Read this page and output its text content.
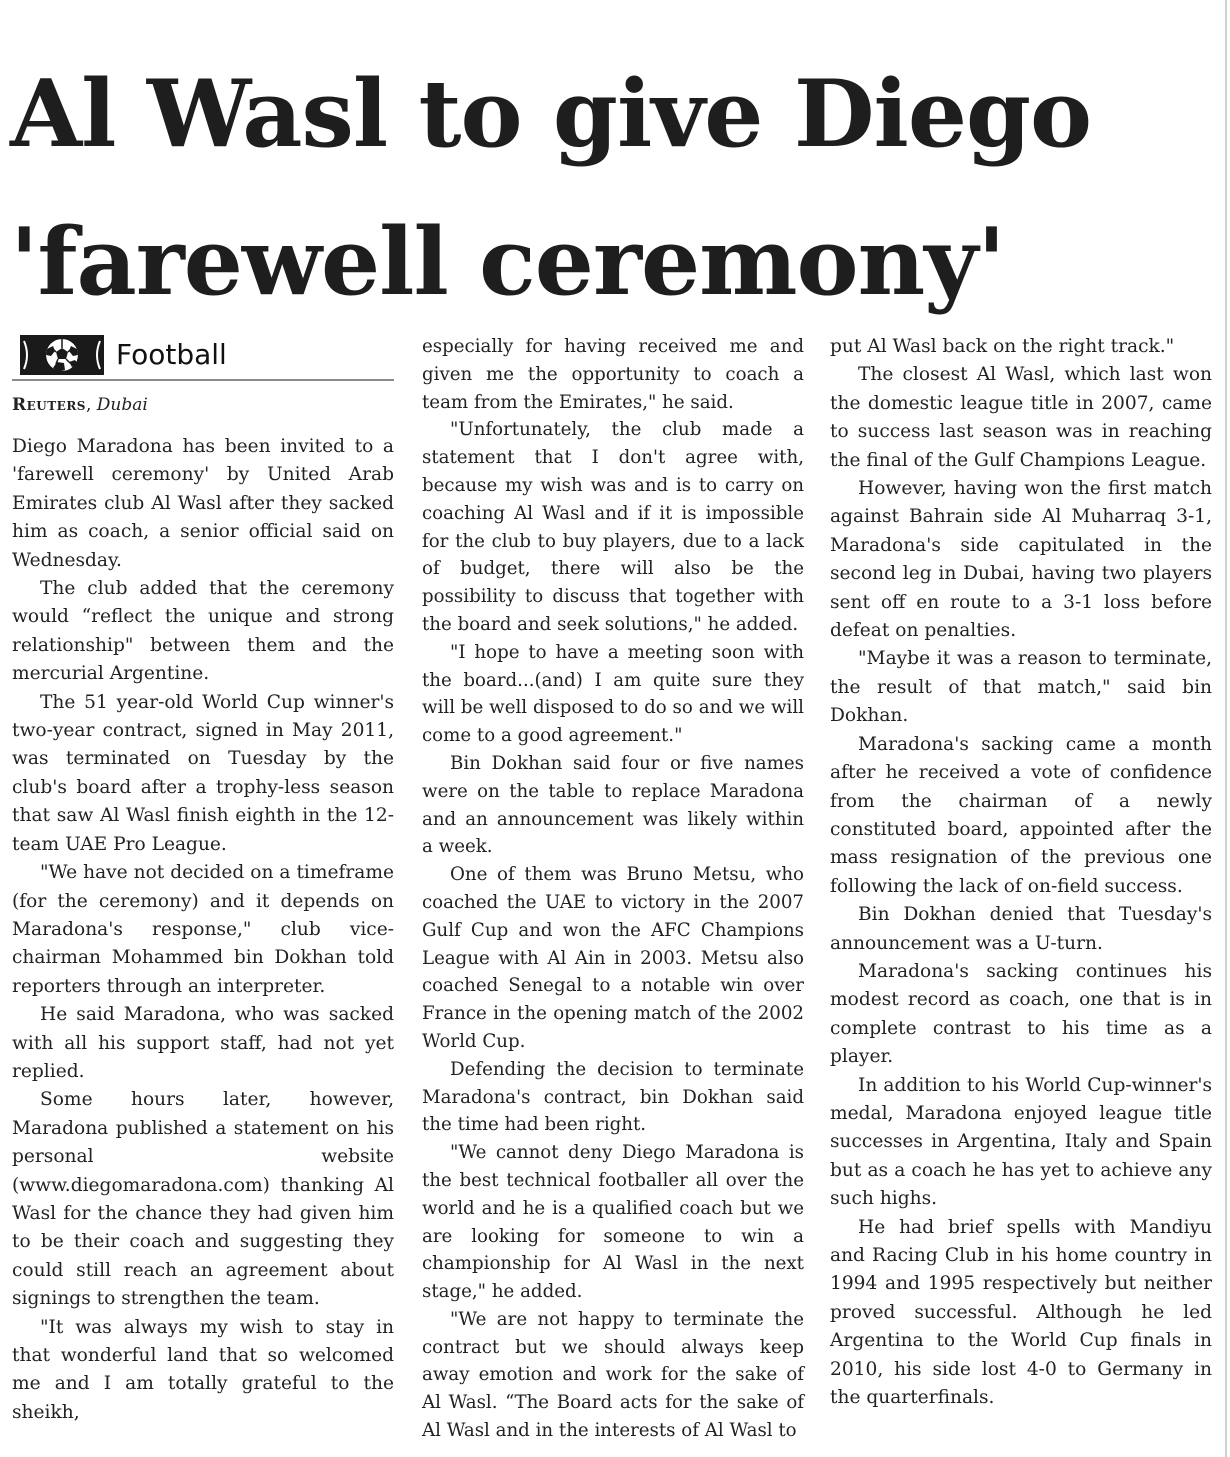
Al Wasl to give Diego
'farewell ceremony'
Football
Reuters, Dubai

Diego Maradona has been invited to a 'farewell ceremony' by United Arab Emirates club Al Wasl after they sacked him as coach, a senior official said on Wednesday.

The club added that the ceremony would “reflect the unique and strong relationship" between them and the mercurial Argentine.

The 51 year-old World Cup winner's two-year contract, signed in May 2011, was terminated on Tuesday by the club's board after a trophy-less season that saw Al Wasl finish eighth in the 12-team UAE Pro League.

"We have not decided on a timeframe (for the ceremony) and it depends on Maradona's response," club vice-chairman Mohammed bin Dokhan told reporters through an interpreter.

He said Maradona, who was sacked with all his support staff, had not yet replied.

Some hours later, however, Maradona published a statement on his personal website (www.diegomaradona.com) thanking Al Wasl for the chance they had given him to be their coach and suggesting they could still reach an agreement about signings to strengthen the team.

"It was always my wish to stay in that wonderful land that so welcomed me and I am totally grateful to the sheikh,

especially for having received me and given me the opportunity to coach a team from the Emirates," he said.

"Unfortunately, the club made a statement that I don't agree with, because my wish was and is to carry on coaching Al Wasl and if it is impossible for the club to buy players, due to a lack of budget, there will also be the possibility to discuss that together with the board and seek solutions," he added.

"I hope to have a meeting soon with the board...(and) I am quite sure they will be well disposed to do so and we will come to a good agreement."

Bin Dokhan said four or five names were on the table to replace Maradona and an announcement was likely within a week.

One of them was Bruno Metsu, who coached the UAE to victory in the 2007 Gulf Cup and won the AFC Champions League with Al Ain in 2003. Metsu also coached Senegal to a notable win over France in the opening match of the 2002 World Cup.

Defending the decision to terminate Maradona's contract, bin Dokhan said the time had been right.

"We cannot deny Diego Maradona is the best technical footballer all over the world and he is a qualified coach but we are looking for someone to win a championship for Al Wasl in the next stage," he added.

"We are not happy to terminate the contract but we should always keep away emotion and work for the sake of Al Wasl. “The Board acts for the sake of Al Wasl and in the interests of Al Wasl to

put Al Wasl back on the right track."

The closest Al Wasl, which last won the domestic league title in 2007, came to success last season was in reaching the final of the Gulf Champions League.

However, having won the first match against Bahrain side Al Muharraq 3-1, Maradona's side capitulated in the second leg in Dubai, having two players sent off en route to a 3-1 loss before defeat on penalties.

"Maybe it was a reason to terminate, the result of that match," said bin Dokhan.

Maradona's sacking came a month after he received a vote of confidence from the chairman of a newly constituted board, appointed after the mass resignation of the previous one following the lack of on-field success.

Bin Dokhan denied that Tuesday's announcement was a U-turn.

Maradona's sacking continues his modest record as coach, one that is in complete contrast to his time as a player.

In addition to his World Cup-winner's medal, Maradona enjoyed league title successes in Argentina, Italy and Spain but as a coach he has yet to achieve any such highs.

He had brief spells with Mandiyu and Racing Club in his home country in 1994 and 1995 respectively but neither proved successful. Although he led Argentina to the World Cup finals in 2010, his side lost 4-0 to Germany in the quarterfinals.
